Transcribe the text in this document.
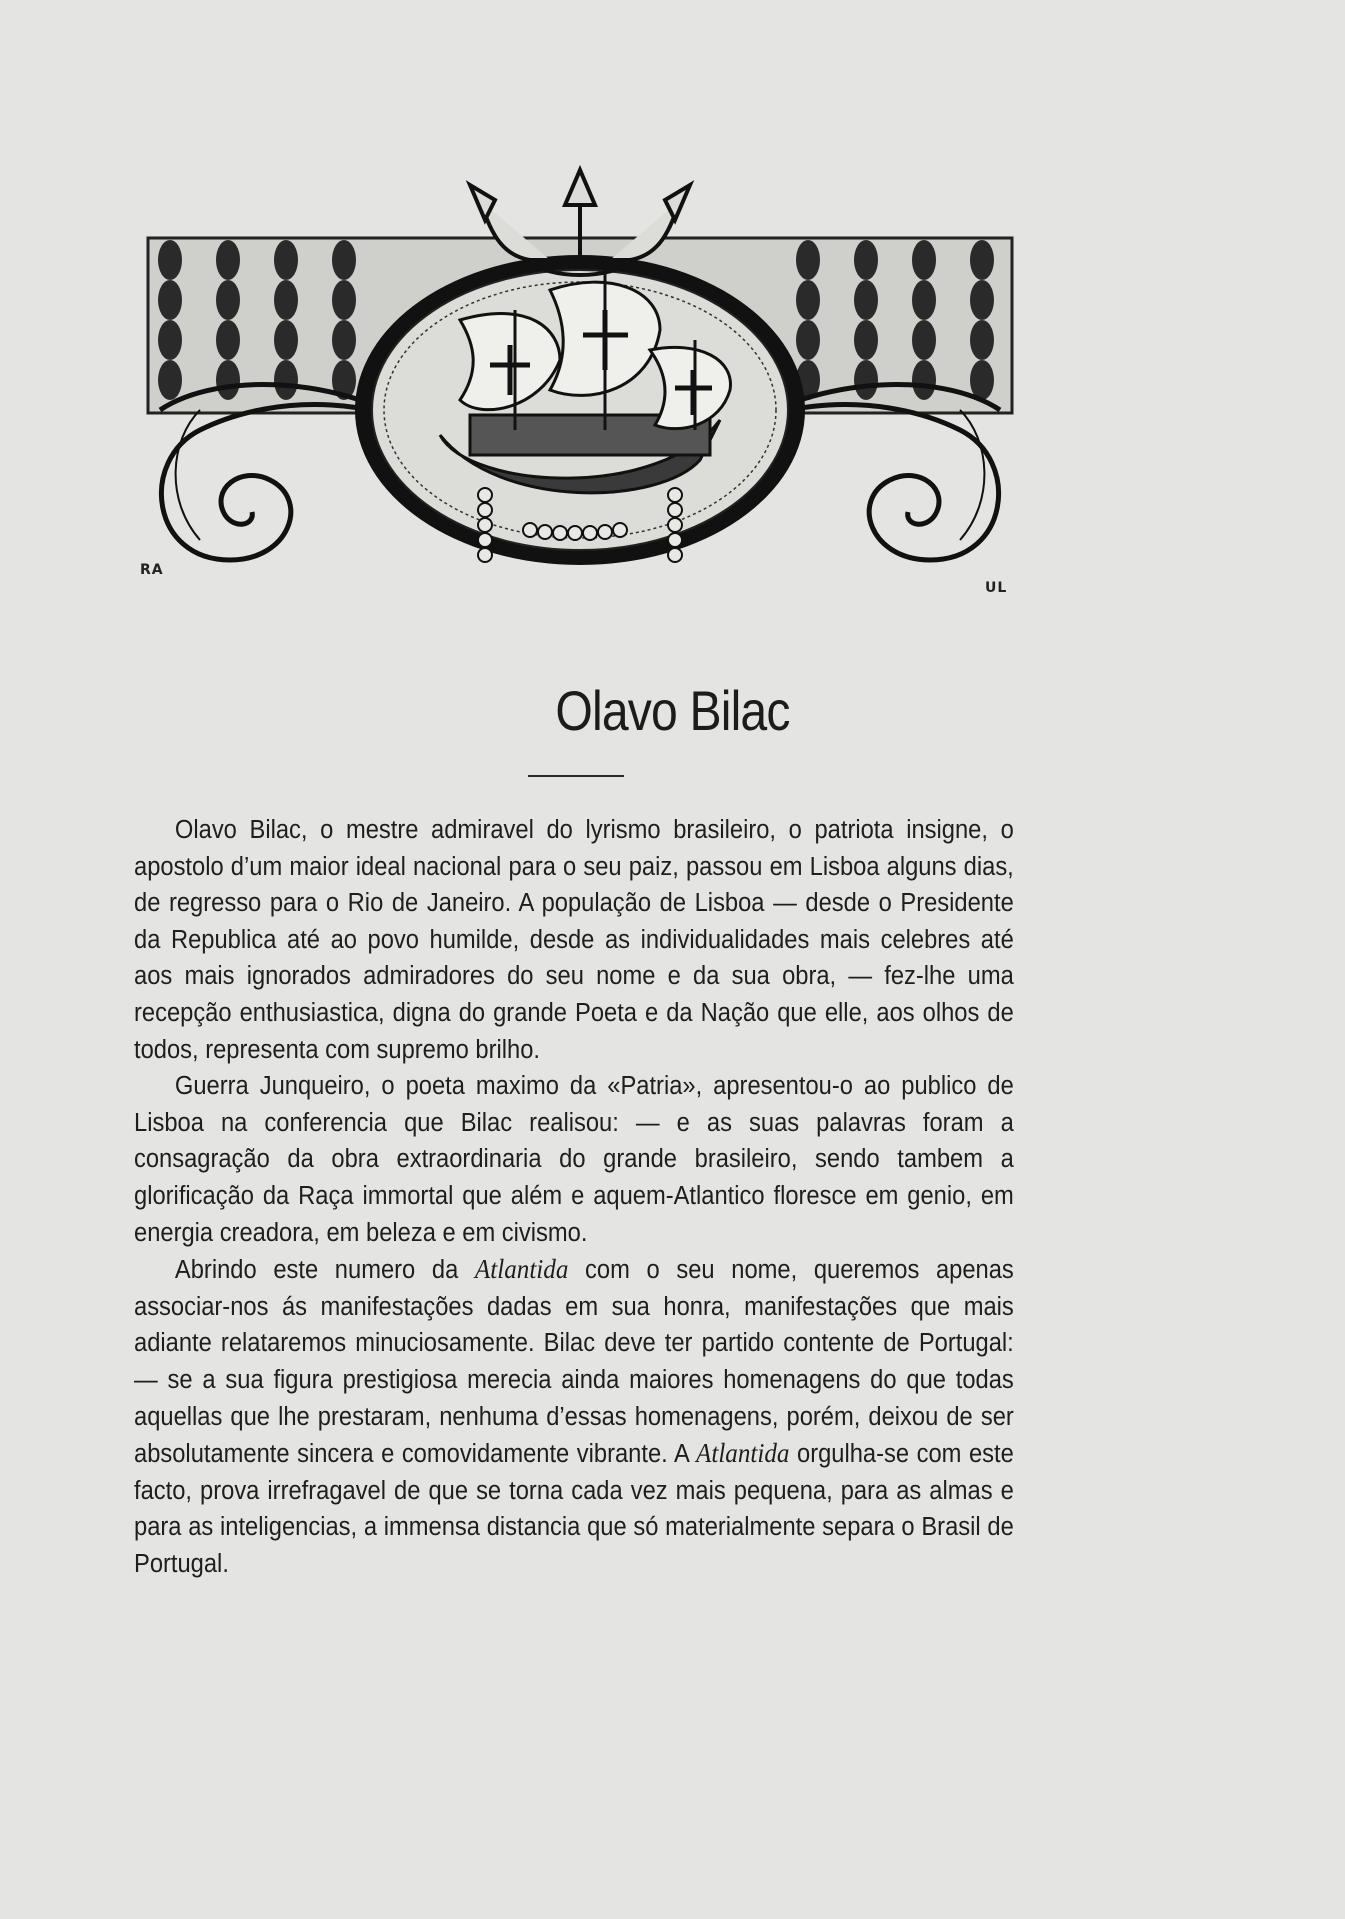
RA
UL
Olavo Bilac

Olavo Bilac, o mestre admiravel do lyrismo brasileiro, o patriota insigne, o apostolo d’um maior ideal nacional para o seu paiz, passou em Lisboa alguns dias, de regresso para o Rio de Janeiro. A população de Lisboa — desde o Presidente da Republica até ao povo humilde, desde as individualidades mais celebres até aos mais ignorados admiradores do seu nome e da sua obra, — fez-lhe uma recepção enthusiastica, digna do grande Poeta e da Nação que elle, aos olhos de todos, representa com supremo brilho.

Guerra Junqueiro, o poeta maximo da «Patria», apresentou-o ao publico de Lisboa na conferencia que Bilac realisou: — e as suas palavras foram a consagração da obra extraordinaria do grande brasileiro, sendo tambem a glorificação da Raça immortal que além e aquem-Atlantico floresce em genio, em energia creadora, em beleza e em civismo.

Abrindo este numero da Atlantida com o seu nome, queremos apenas associar-nos ás manifestações dadas em sua honra, manifestações que mais adiante relataremos minuciosamente. Bilac deve ter partido contente de Portugal: — se a sua figura prestigiosa merecia ainda maiores homenagens do que todas aquellas que lhe prestaram, nenhuma d’essas homenagens, porém, deixou de ser absolutamente sincera e comovidamente vibrante. A Atlantida orgulha-se com este facto, prova irrefragavel de que se torna cada vez mais pequena, para as almas e para as inteligencias, a immensa distancia que só materialmente separa o Brasil de Portugal.
